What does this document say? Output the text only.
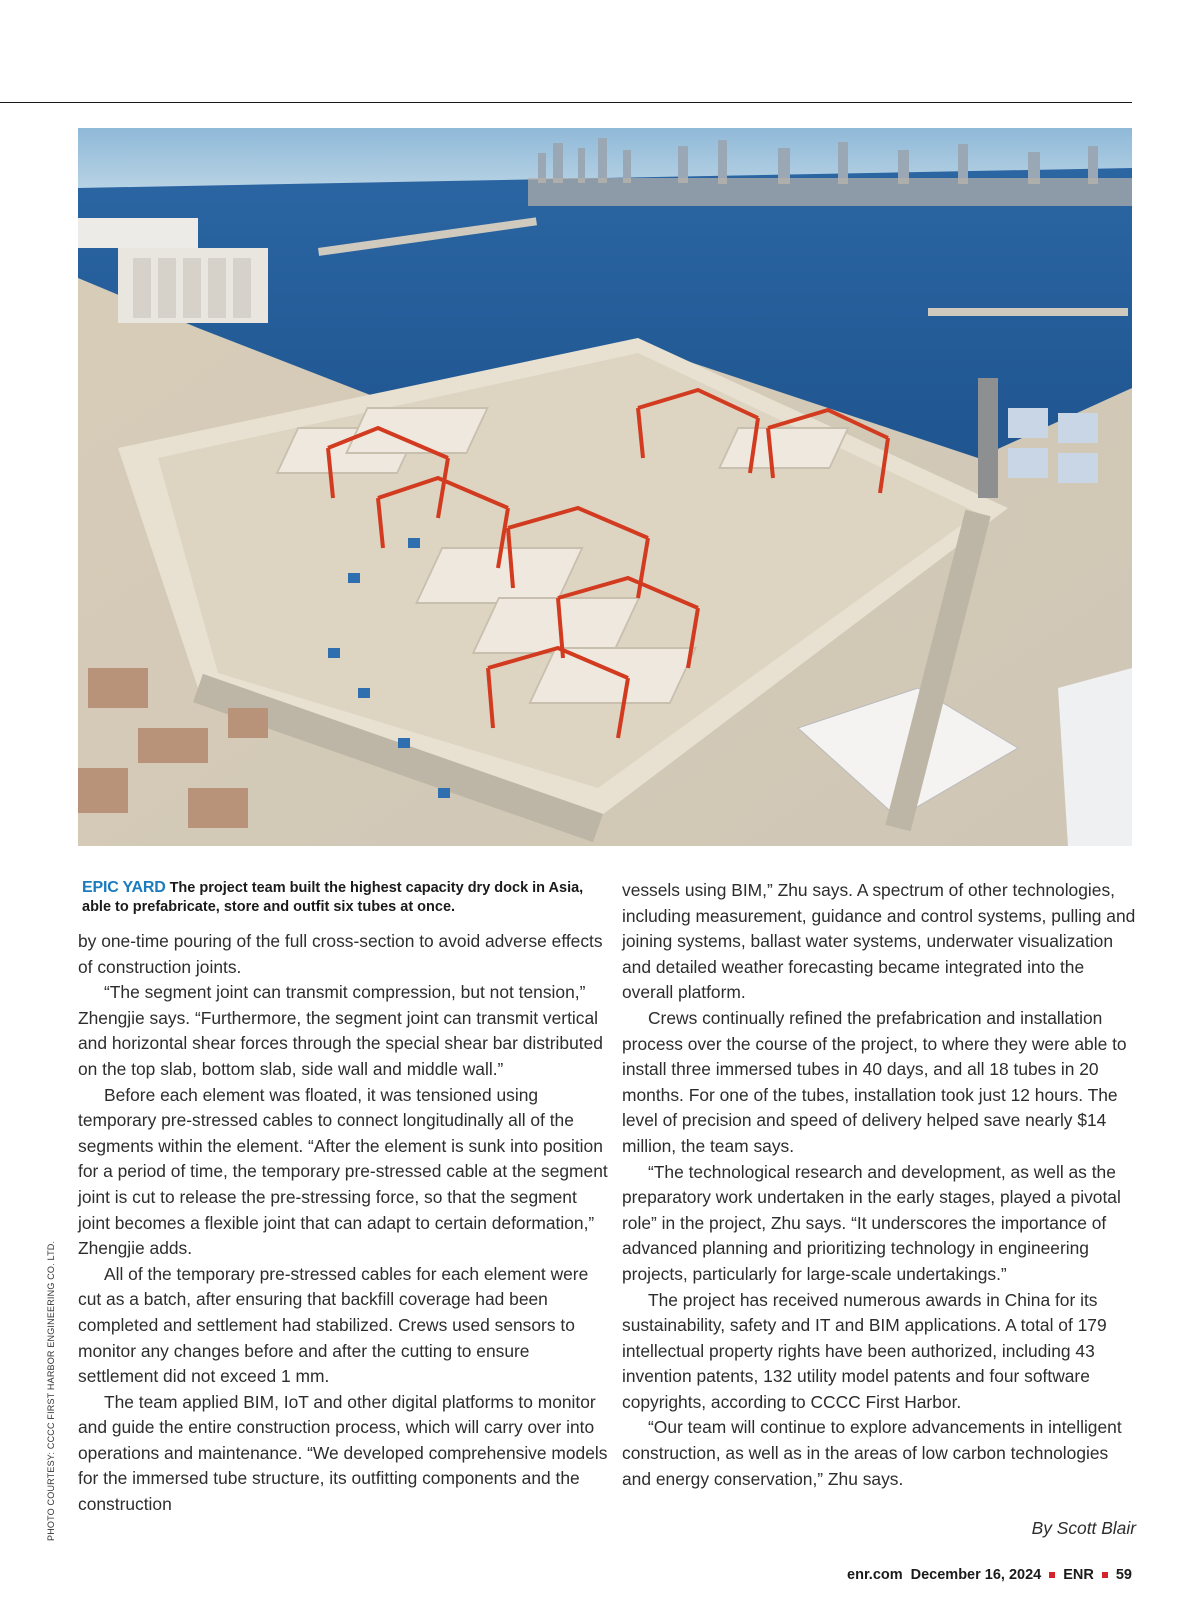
PHOTO COURTESY: CCCC FIRST HARBOR ENGINEERING CO. LTD.
EPIC YARD The project team built the highest capacity dry dock in Asia, able to prefabricate, store and outfit six tubes at once.

by one-time pouring of the full cross-section to avoid adverse effects of construction joints.

“The segment joint can transmit compression, but not tension,” Zhengjie says. “Furthermore, the segment joint can transmit vertical and horizontal shear forces through the special shear bar distributed on the top slab, bottom slab, side wall and middle wall.”

Before each element was floated, it was tensioned using temporary pre-stressed cables to connect longitudinally all of the segments within the element. “After the element is sunk into position for a period of time, the temporary pre-stressed cable at the segment joint is cut to release the pre-stressing force, so that the segment joint becomes a flexible joint that can adapt to certain deformation,” Zhengjie adds.

All of the temporary pre-stressed cables for each element were cut as a batch, after ensuring that backfill coverage had been completed and settlement had stabilized. Crews used sensors to monitor any changes before and after the cutting to ensure settlement did not exceed 1 mm.

The team applied BIM, IoT and other digital platforms to monitor and guide the entire construction process, which will carry over into operations and maintenance. “We developed comprehensive models for the immersed tube structure, its outfitting components and the construction

vessels using BIM,” Zhu says. A spectrum of other technologies, including measurement, guidance and control systems, pulling and joining systems, ballast water systems, underwater visualization and detailed weather forecasting became integrated into the overall platform.

Crews continually refined the prefabrication and installation process over the course of the project, to where they were able to install three immersed tubes in 40 days, and all 18 tubes in 20 months. For one of the tubes, installation took just 12 hours. The level of precision and speed of delivery helped save nearly $14 million, the team says.

“The technological research and development, as well as the preparatory work undertaken in the early stages, played a pivotal role” in the project, Zhu says. “It underscores the importance of advanced planning and prioritizing technology in engineering projects, particularly for large-scale undertakings.”

The project has received numerous awards in China for its sustainability, safety and IT and BIM applications. A total of 179 intellectual property rights have been authorized, including 43 invention patents, 132 utility model patents and four software copyrights, according to CCCC First Harbor.

“Our team will continue to explore advancements in intelligent construction, as well as in the areas of low carbon technologies and energy conservation,” Zhu says.

By Scott Blair
enr.com December 16, 2024 ENR 59
